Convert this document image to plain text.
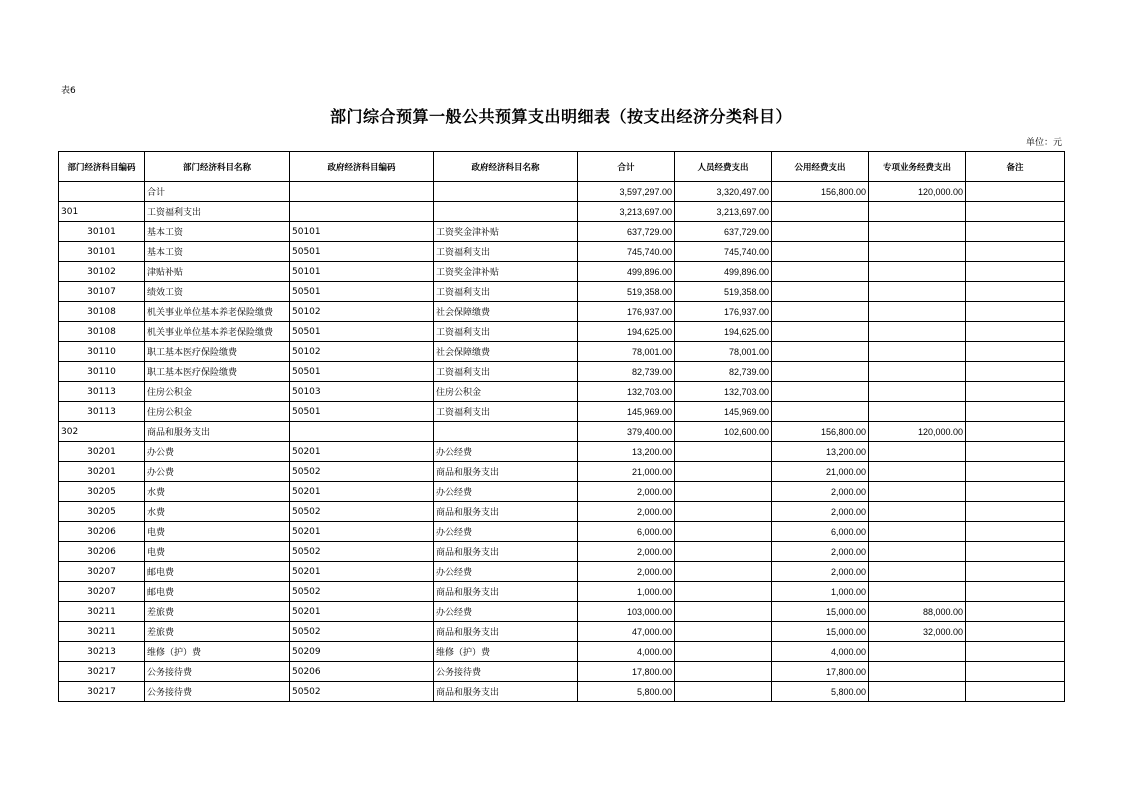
表6
部门综合预算一般公共预算支出明细表（按支出经济分类科目）
单位：元
部门经济科目编码	部门经济科目名称	政府经济科目编码	政府经济科目名称	合计	人员经费支出	公用经费支出	专项业务经费支出	备注
	合计			3,597,297.00	3,320,497.00	156,800.00	120,000.00	
301	工资福利支出			3,213,697.00	3,213,697.00			
30101	基本工资	50101	工资奖金津补贴	637,729.00	637,729.00			
30101	基本工资	50501	工资福利支出	745,740.00	745,740.00			
30102	津贴补贴	50101	工资奖金津补贴	499,896.00	499,896.00			
30107	绩效工资	50501	工资福利支出	519,358.00	519,358.00			
30108	机关事业单位基本养老保险缴费	50102	社会保障缴费	176,937.00	176,937.00			
30108	机关事业单位基本养老保险缴费	50501	工资福利支出	194,625.00	194,625.00			
30110	职工基本医疗保险缴费	50102	社会保障缴费	78,001.00	78,001.00			
30110	职工基本医疗保险缴费	50501	工资福利支出	82,739.00	82,739.00			
30113	住房公积金	50103	住房公积金	132,703.00	132,703.00			
30113	住房公积金	50501	工资福利支出	145,969.00	145,969.00			
302	商品和服务支出			379,400.00	102,600.00	156,800.00	120,000.00	
30201	办公费	50201	办公经费	13,200.00		13,200.00		
30201	办公费	50502	商品和服务支出	21,000.00		21,000.00		
30205	水费	50201	办公经费	2,000.00		2,000.00		
30205	水费	50502	商品和服务支出	2,000.00		2,000.00		
30206	电费	50201	办公经费	6,000.00		6,000.00		
30206	电费	50502	商品和服务支出	2,000.00		2,000.00		
30207	邮电费	50201	办公经费	2,000.00		2,000.00		
30207	邮电费	50502	商品和服务支出	1,000.00		1,000.00		
30211	差旅费	50201	办公经费	103,000.00		15,000.00	88,000.00	
30211	差旅费	50502	商品和服务支出	47,000.00		15,000.00	32,000.00	
30213	维修（护）费	50209	维修（护）费	4,000.00		4,000.00		
30217	公务接待费	50206	公务接待费	17,800.00		17,800.00		
30217	公务接待费	50502	商品和服务支出	5,800.00		5,800.00		
